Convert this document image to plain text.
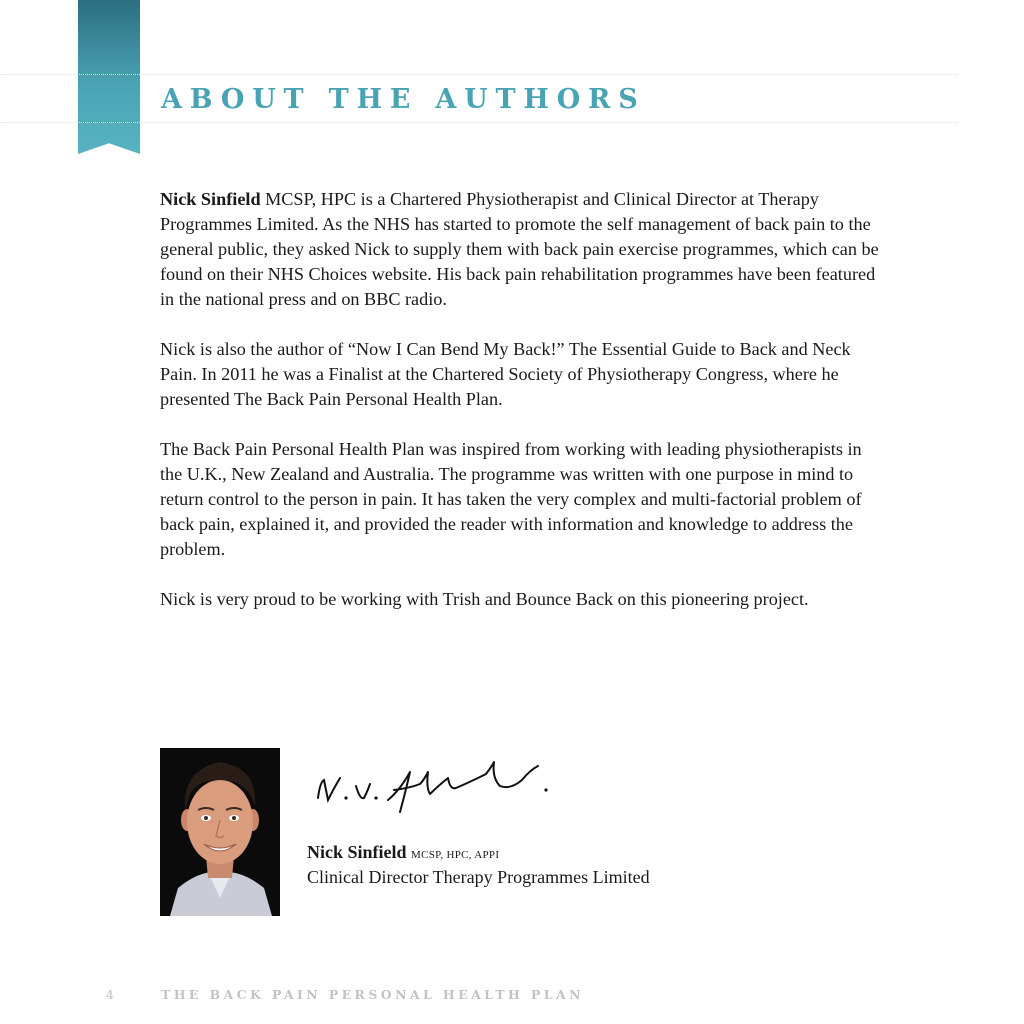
ABOUT THE AUTHORS

Nick Sinfield MCSP, HPC is a Chartered Physiotherapist and Clinical Director at Therapy Programmes Limited. As the NHS has started to promote the self management of back pain to the general public, they asked Nick to supply them with back pain exercise programmes, which can be found on their NHS Choices website. His back pain rehabilitation programmes have been featured in the national press and on BBC radio.

Nick is also the author of “Now I Can Bend My Back!” The Essential Guide to Back and Neck Pain. In 2011 he was a Finalist at the Chartered Society of Physiotherapy Congress, where he presented The Back Pain Personal Health Plan.

The Back Pain Personal Health Plan was inspired from working with leading physiotherapists in the U.K., New Zealand and Australia. The programme was written with one purpose in mind to return control to the person in pain. It has taken the very complex and multi-factorial problem of back pain, explained it, and provided the reader with information and knowledge to address the problem.

Nick is very proud to be working with Trish and Bounce Back on this pioneering project.

Nick Sinfield MCSP, HPC, APPI
Clinical Director Therapy Programmes Limited
4	THE BACK PAIN PERSONAL HEALTH PLAN
